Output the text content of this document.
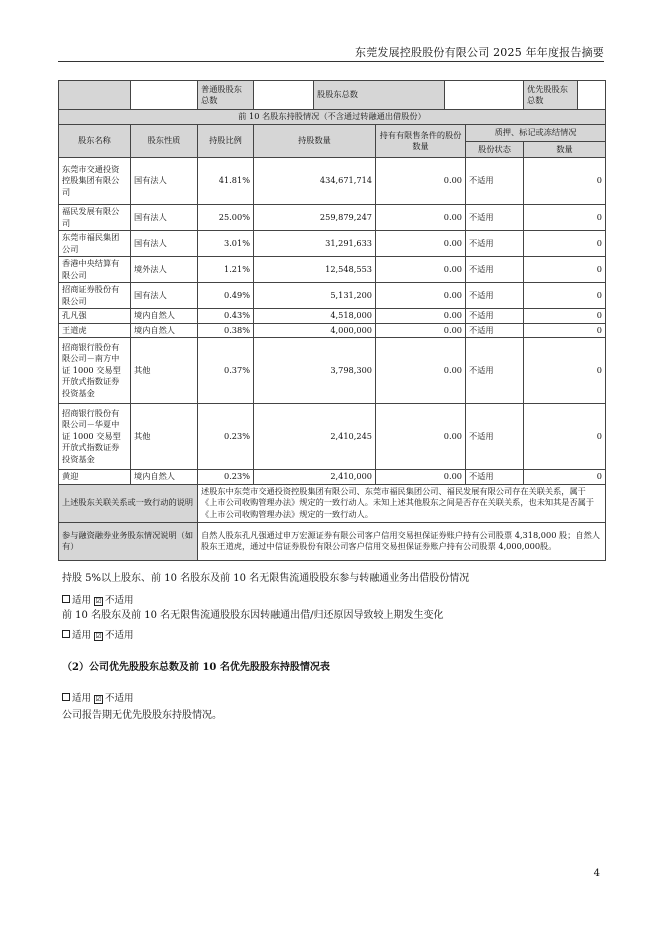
东莞发展控股股份有限公司 2025 年年度报告摘要
		普通股股东总数		股股东总数				优先股股东总数	
前 10 名股东持股情况（不含通过转融通出借股份）									
股东名称	股东性质	持股比例	持股数量		持有有限售条件的股份数量		质押、标记或冻结情况		
							股份状态	数量	
东莞市交通投资控股集团有限公司	国有法人	41.81%	434,671,714		0.00		不适用	0	
福民发展有限公司	国有法人	25.00%	259,879,247		0.00		不适用	0	
东莞市福民集团公司	国有法人	3.01%	31,291,633		0.00		不适用	0	
香港中央结算有限公司	境外法人	1.21%	12,548,553		0.00		不适用	0	
招商证券股份有限公司	国有法人	0.49%	5,131,200		0.00		不适用	0	
孔凡强	境内自然人	0.43%	4,518,000		0.00		不适用	0	
王道虎	境内自然人	0.38%	4,000,000		0.00		不适用	0	
招商银行股份有限公司－南方中证 1000 交易型开放式指数证券投资基金	其他	0.37%	3,798,300		0.00		不适用	0	
招商银行股份有限公司－华夏中证 1000 交易型开放式指数证券投资基金	其他	0.23%	2,410,245		0.00		不适用	0	
黄迎	境内自然人	0.23%	2,410,000		0.00		不适用	0	
上述股东关联关系或一致行动的说明		述股东中东莞市交通投资控股集团有限公司、东莞市福民集团公司、福民发展有限公司存在关联关系，属于《上市公司收购管理办法》规定的一致行动人。未知上述其他股东之间是否存在关联关系，也未知其是否属于《上市公司收购管理办法》规定的一致行动人。							
参与融资融券业务股东情况说明（如有）		自然人股东孔凡强通过申万宏源证券有限公司客户信用交易担保证券账户持有公司股票 4,318,000 股；自然人股东王道虎，通过中信证券股份有限公司客户信用交易担保证券账户持有公司股票 4,000,000股。							
持股 5%以上股东、前 10 名股东及前 10 名无限售流通股股东参与转融通业务出借股份情况
适用 ☑ 不适用
前 10 名股东及前 10 名无限售流通股股东因转融通出借/归还原因导致较上期发生变化
适用 ☑ 不适用
（2）公司优先股股东总数及前 10 名优先股股东持股情况表
适用 ☑ 不适用
公司报告期无优先股股东持股情况。
4
